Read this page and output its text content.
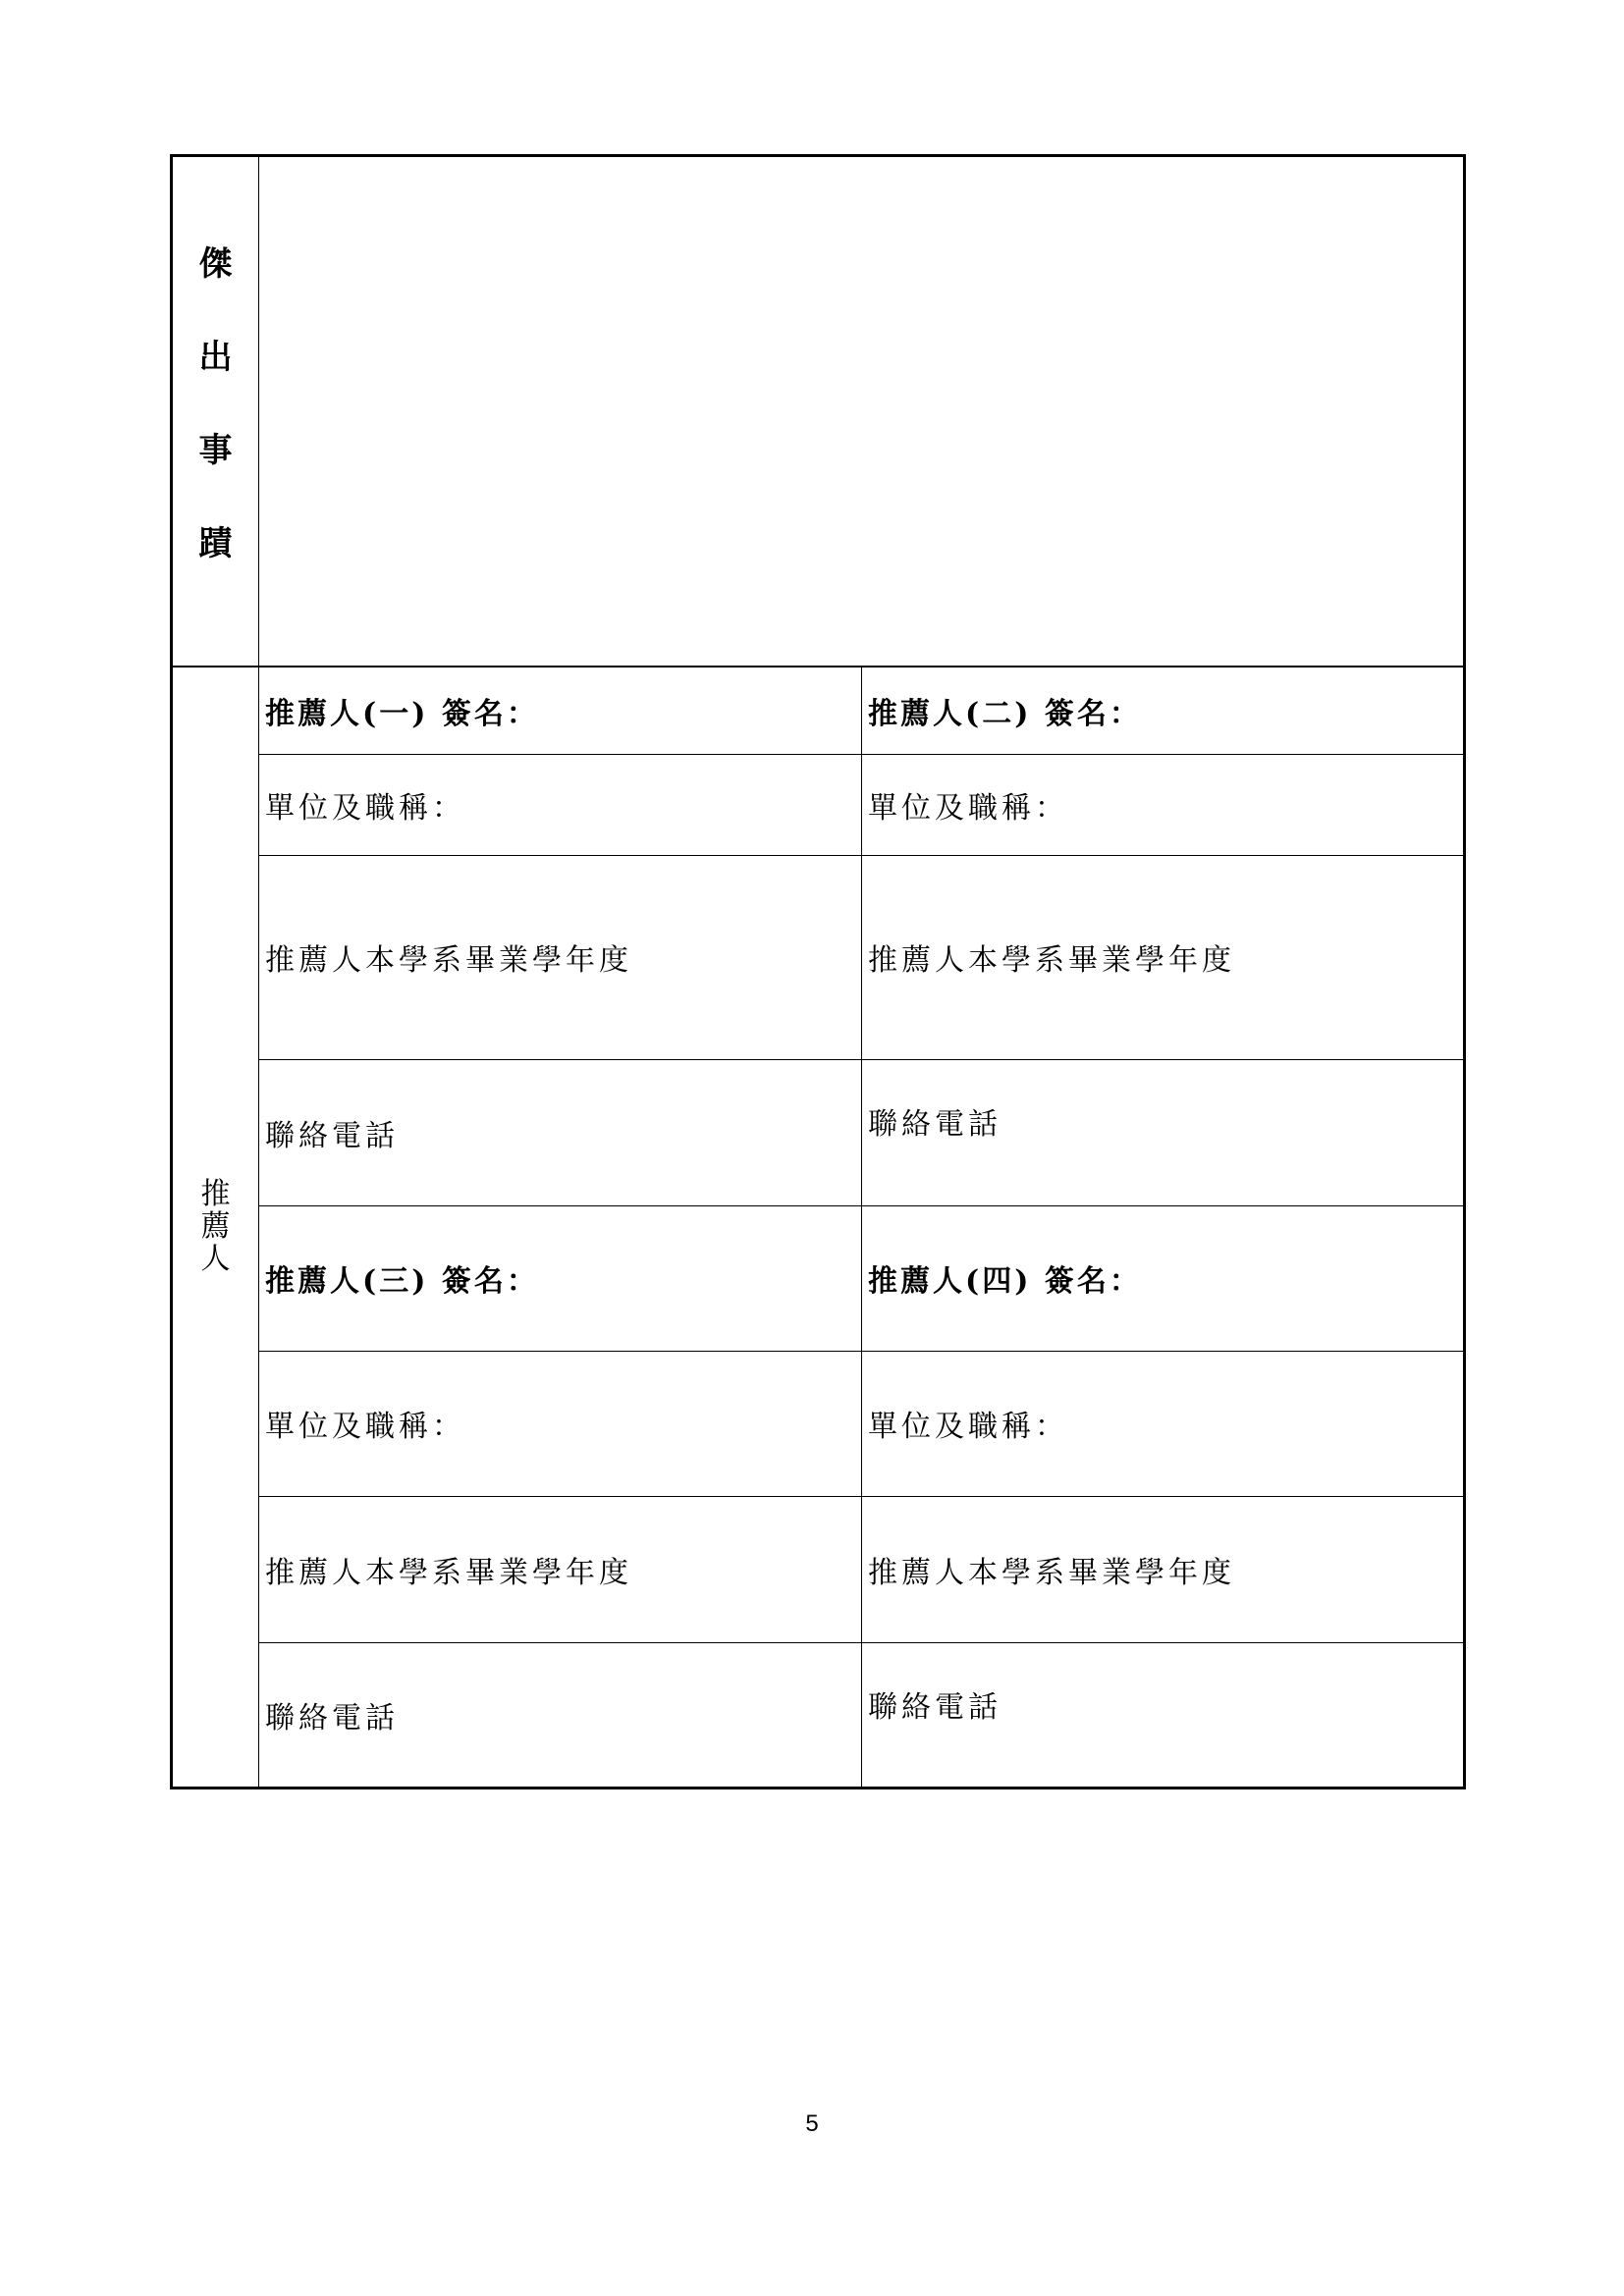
傑
出
事
蹟		

推
薦
人	推薦人(一) 簽名：	推薦人(二) 簽名：

	單位及職稱：	單位及職稱：

	推薦人本學系畢業學年度	推薦人本學系畢業學年度

	聯絡電話	聯絡電話

	推薦人(三) 簽名：	推薦人(四) 簽名：

	單位及職稱：	單位及職稱：

	推薦人本學系畢業學年度	推薦人本學系畢業學年度

	聯絡電話	聯絡電話
5
